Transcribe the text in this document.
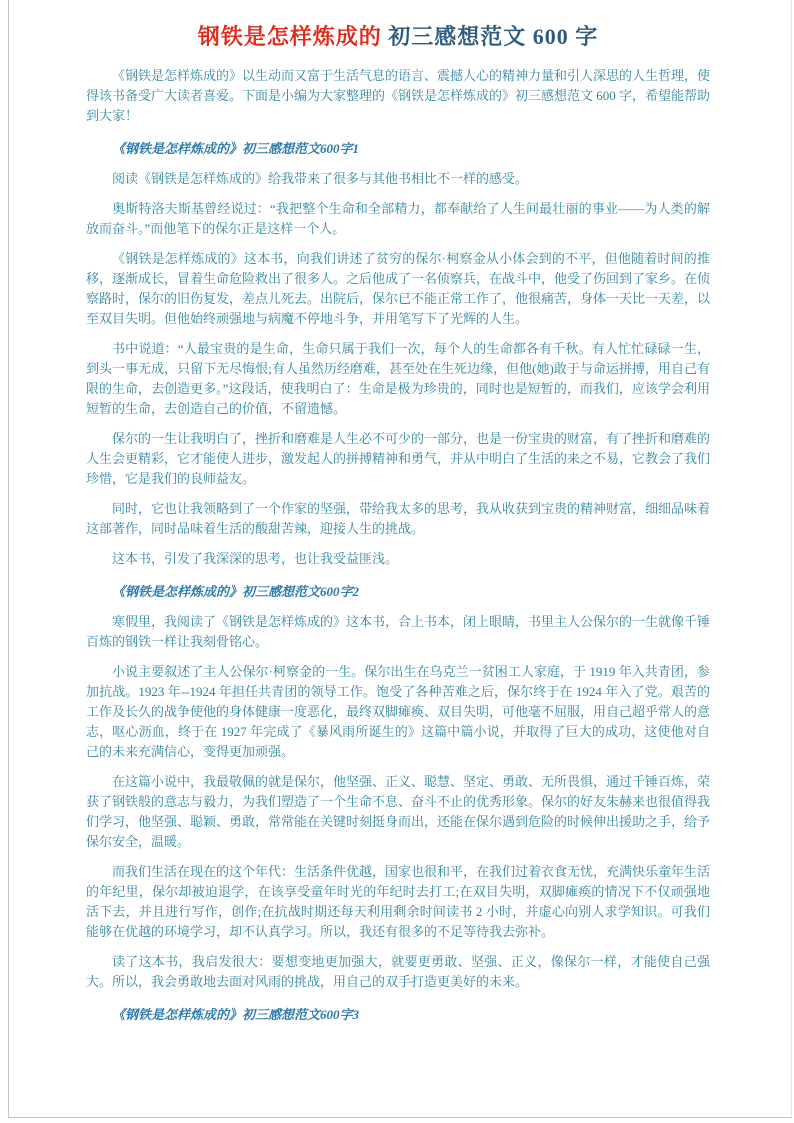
钢铁是怎样炼成的 初三感想范文 600 字

《钢铁是怎样炼成的》以生动而又富于生活气息的语言、震撼人心的精神力量和引人深思的人生哲理，使得该书备受广大读者喜爱。下面是小编为大家整理的《钢铁是怎样炼成的》初三感想范文 600 字，希望能帮助到大家！

《钢铁是怎样炼成的》初三感想范文600字1

阅读《钢铁是怎样炼成的》给我带来了很多与其他书相比不一样的感受。

奥斯特洛夫斯基曾经说过：“我把整个生命和全部精力，都奉献给了人生间最壮丽的事业——为人类的解放而奋斗。”而他笔下的保尔正是这样一个人。

《钢铁是怎样炼成的》这本书，向我们讲述了贫穷的保尔·柯察金从小体会到的不平，但他随着时间的推移，逐渐成长，冒着生命危险救出了很多人。之后他成了一名侦察兵，在战斗中，他受了伤回到了家乡。在侦察路时，保尔的旧伤复发，差点儿死去。出院后，保尔已不能正常工作了，他很痛苦，身体一天比一天差，以至双目失明。但他始终顽强地与病魔不停地斗争，并用笔写下了光辉的人生。

书中说道：“人最宝贵的是生命，生命只属于我们一次，每个人的生命都各有千秋。有人忙忙碌碌一生，到头一事无成，只留下无尽悔恨;有人虽然历经磨难，甚至处在生死边缘，但他(她)敢于与命运拼搏，用自己有限的生命，去创造更多。”这段话，使我明白了：生命是极为珍贵的，同时也是短暂的，而我们，应该学会利用短暂的生命，去创造自己的价值，不留遗憾。

保尔的一生让我明白了，挫折和磨难是人生必不可少的一部分，也是一份宝贵的财富，有了挫折和磨难的人生会更精彩，它才能使人进步，激发起人的拼搏精神和勇气，并从中明白了生活的来之不易，它教会了我们珍惜，它是我们的良师益友。

同时，它也让我领略到了一个作家的坚强，带给我太多的思考，我从收获到宝贵的精神财富，细细品味着这部著作，同时品味着生活的酸甜苦辣，迎接人生的挑战。

这本书，引发了我深深的思考，也让我受益匪浅。

《钢铁是怎样炼成的》初三感想范文600字2

寒假里，我阅读了《钢铁是怎样炼成的》这本书，合上书本，闭上眼睛，书里主人公保尔的一生就像千锤百炼的钢铁一样让我刻骨铭心。

小说主要叙述了主人公保尔·柯察金的一生。保尔出生在乌克兰一贫困工人家庭，于 1919 年入共青团，参加抗战。1923 年--1924 年担任共青团的领导工作。饱受了各种苦难之后，保尔终于在 1924 年入了党。艰苦的工作及长久的战争使他的身体健康一度恶化，最终双脚瘫痪、双目失明，可他毫不屈服，用自己超乎常人的意志，呕心沥血，终于在 1927 年完成了《暴风雨所诞生的》这篇中篇小说，并取得了巨大的成功，这使他对自己的未来充满信心，变得更加顽强。

在这篇小说中，我最敬佩的就是保尔，他坚强、正义、聪慧、坚定、勇敢、无所畏惧，通过千锤百炼，荣获了钢铁般的意志与毅力，为我们塑造了一个生命不息、奋斗不止的优秀形象。保尔的好友朱赫来也很值得我们学习，他坚强、聪颖、勇敢，常常能在关键时刻挺身而出，还能在保尔遇到危险的时候伸出援助之手，给予保尔安全，温暖。

而我们生活在现在的这个年代：生活条件优越，国家也很和平，在我们过着衣食无忧，充满快乐童年生活的年纪里，保尔却被迫退学，在该享受童年时光的年纪时去打工;在双目失明，双脚瘫痪的情况下不仅顽强地活下去，并且进行写作，创作;在抗战时期还每天利用剩余时间读书 2 小时，并虚心向别人求学知识。可我们能够在优越的环境学习，却不认真学习。所以，我还有很多的不足等待我去弥补。

读了这本书，我启发很大：要想变地更加强大，就要更勇敢、坚强、正义，像保尔一样，才能使自己强大。所以，我会勇敢地去面对风雨的挑战，用自己的双手打造更美好的未来。

《钢铁是怎样炼成的》初三感想范文600字3
